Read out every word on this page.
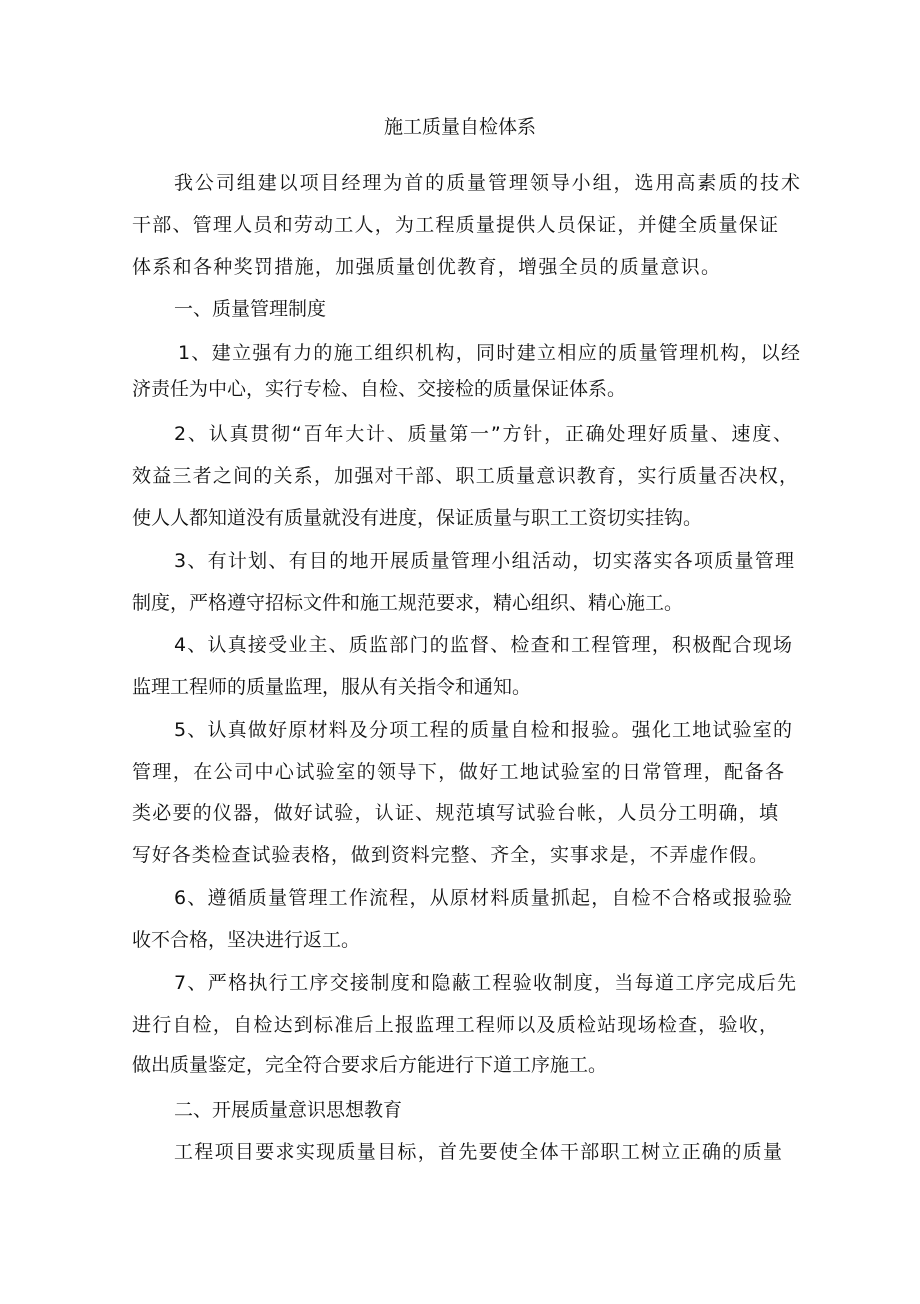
施工质量自检体系

我公司组建以项目经理为首的质量管理领导小组，选用高素质的技术

干部、管理人员和劳动工人，为工程质量提供人员保证，并健全质量保证

体系和各种奖罚措施，加强质量创优教育，增强全员的质量意识。

一、质量管理制度

1、建立强有力的施工组织机构，同时建立相应的质量管理机构，以经

济责任为中心，实行专检、自检、交接检的质量保证体系。

2、认真贯彻“百年大计、质量第一”方针，正确处理好质量、速度、

效益三者之间的关系，加强对干部、职工质量意识教育，实行质量否决权，

使人人都知道没有质量就没有进度，保证质量与职工工资切实挂钩。

3、有计划、有目的地开展质量管理小组活动，切实落实各项质量管理

制度，严格遵守招标文件和施工规范要求，精心组织、精心施工。

4、认真接受业主、质监部门的监督、检查和工程管理，积极配合现场

监理工程师的质量监理，服从有关指令和通知。

5、认真做好原材料及分项工程的质量自检和报验。强化工地试验室的

管理，在公司中心试验室的领导下，做好工地试验室的日常管理，配备各

类必要的仪器，做好试验，认证、规范填写试验台帐，人员分工明确，填

写好各类检查试验表格，做到资料完整、齐全，实事求是，不弄虚作假。

6、遵循质量管理工作流程，从原材料质量抓起，自检不合格或报验验

收不合格，坚决进行返工。

7、严格执行工序交接制度和隐蔽工程验收制度，当每道工序完成后先

进行自检，自检达到标准后上报监理工程师以及质检站现场检查，验收，

做出质量鉴定，完全符合要求后方能进行下道工序施工。

二、开展质量意识思想教育

工程项目要求实现质量目标，首先要使全体干部职工树立正确的质量
